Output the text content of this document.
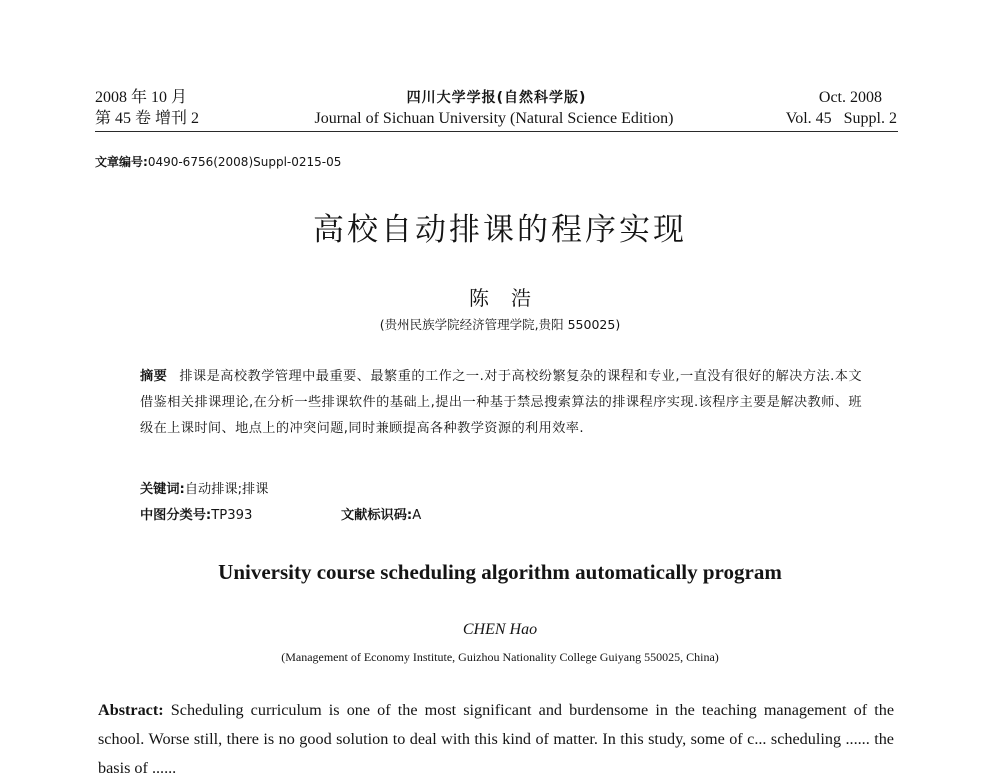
2008 年 10 月
第 45 卷 增刊 2
四川大学学报(自然科学版)
Journal of Sichuan University (Natural Science Edition)
Oct. 2008
Vol. 45   Suppl. 2
文章编号:0490-6756(2008)Suppl-0215-05
高校自动排课的程序实现
陈浩
(贵州民族学院经济管理学院,贵阳 550025)
摘要 排课是高校教学管理中最重要、最繁重的工作之一.对于高校纷繁复杂的课程和专业,一直没有很好的解决方法.本文借鉴相关排课理论,在分析一些排课软件的基础上,提出一种基于禁忌搜索算法的排课程序实现.该程序主要是解决教师、班级在上课时间、地点上的冲突问题,同时兼顾提高各种教学资源的利用效率.
关键词:自动排课;排课
中图分类号:TP393	文献标识码:A
University course scheduling algorithm automatically program
CHEN Hao
(Management of Economy Institute, Guizhou Nationality College Guiyang 550025, China)
Abstract: Scheduling curriculum is one of the most significant and burdensome in the teaching management of the school. Worse still, there is no good solution to deal with this kind of matter. In this study, some of c... scheduling ...... the basis of ......
